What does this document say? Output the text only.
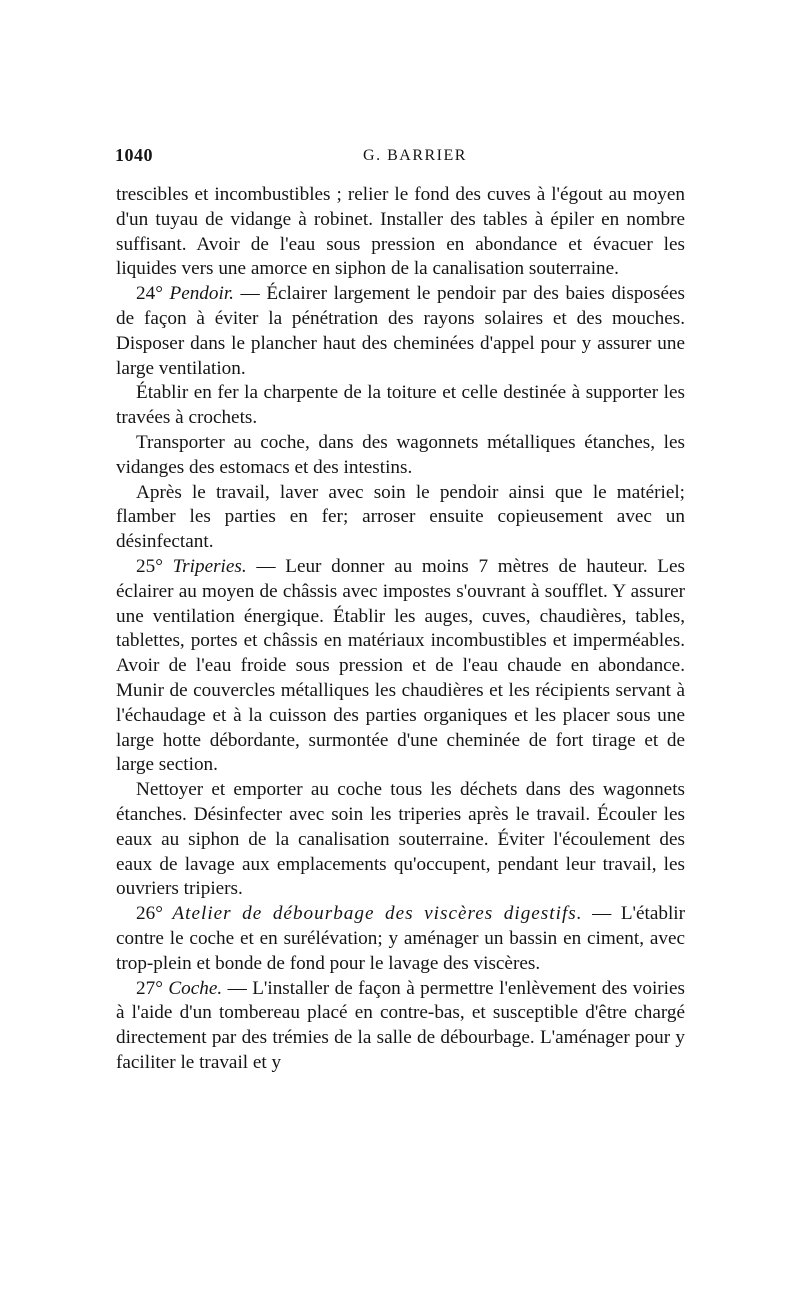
1040	G. BARRIER

trescibles et incombustibles ; relier le fond des cuves à l'égout au moyen d'un tuyau de vidange à robinet. Installer des tables à épiler en nombre suffisant. Avoir de l'eau sous pression en abondance et évacuer les liquides vers une amorce en siphon de la canalisation souterraine.

24° Pendoir. — Éclairer largement le pendoir par des baies disposées de façon à éviter la pénétration des rayons solaires et des mouches. Disposer dans le plancher haut des cheminées d'appel pour y assurer une large ventilation.

Établir en fer la charpente de la toiture et celle destinée à supporter les travées à crochets.

Transporter au coche, dans des wagonnets métalliques étanches, les vidanges des estomacs et des intestins.

Après le travail, laver avec soin le pendoir ainsi que le matériel; flamber les parties en fer; arroser ensuite copieusement avec un désinfectant.

25° Triperies. — Leur donner au moins 7 mètres de hauteur. Les éclairer au moyen de châssis avec impostes s'ouvrant à soufflet. Y assurer une ventilation énergique. Établir les auges, cuves, chaudières, tables, tablettes, portes et châssis en matériaux incombustibles et imperméables. Avoir de l'eau froide sous pression et de l'eau chaude en abondance. Munir de couvercles métalliques les chaudières et les récipients servant à l'échaudage et à la cuisson des parties organiques et les placer sous une large hotte débordante, surmontée d'une cheminée de fort tirage et de large section.

Nettoyer et emporter au coche tous les déchets dans des wagonnets étanches. Désinfecter avec soin les triperies après le travail. Écouler les eaux au siphon de la canalisation souterraine. Éviter l'écoulement des eaux de lavage aux emplacements qu'occupent, pendant leur travail, les ouvriers tripiers.

26° Atelier de débourbage des viscères digestifs. — L'établir contre le coche et en surélévation; y aménager un bassin en ciment, avec trop-plein et bonde de fond pour le lavage des viscères.

27° Coche. — L'installer de façon à permettre l'enlèvement des voiries à l'aide d'un tombereau placé en contre-bas, et susceptible d'être chargé directement par des trémies de la salle de débourbage. L'aménager pour y faciliter le travail et y
